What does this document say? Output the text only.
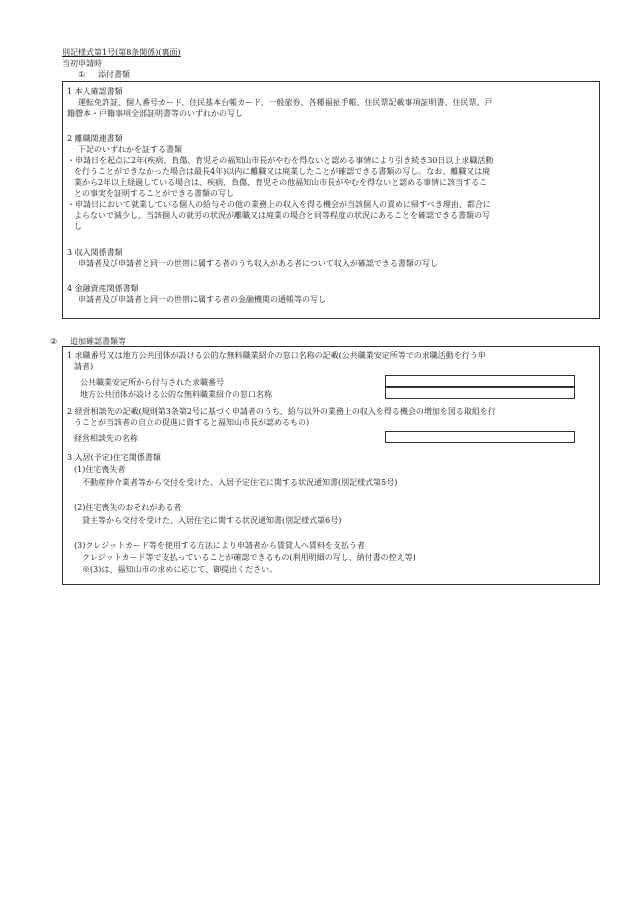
別記様式第1号(第8条関係)(裏面)
当初申請時
① 添付書類
1 本人確認書類
運転免許証、個人番号カード、住民基本台帳カード、一般旅券、各種福祉手帳、住民票記載事項証明書、住民票、戸
籍謄本・戸籍事項全部証明書等のいずれかの写し
2 離職関連書類
下記のいずれかを証する書類
・申請日を起点に2年(疾病、負傷、育児その福知山市長がやむを得ないと認める事情により引き続き30日以上求職活動
を行うことができなかった場合は最長4年)以内に離職又は廃業したことが確認できる書類の写し。なお、離職又は廃
業から2年以上経過している場合は、疾病、負傷、育児その他福知山市長がやむを得ないと認める事情に該当するこ
との事実を証明することができる書類の写し
・申請日において就業している個人の給与その他の業務上の収入を得る機会が当該個人の責めに帰すべき理由、都合に
よらないで減少し、当該個人の就労の状況が離職又は廃業の場合と同等程度の状況にあることを確認できる書類の写
し
3 収入関係書類
申請者及び申請者と同一の世帯に属する者のうち収入がある者について収入が確認できる書類の写し
4 金融資産関係書類
申請者及び申請者と同一の世帯に属する者の金融機関の通帳等の写し
② 追加確認書類等
1 求職番号又は地方公共団体が設ける公的な無料職業紹介の窓口名称の記載(公共職業安定所等での求職活動を行う申
請者)
公共職業安定所から付与された求職番号
地方公共団体が設ける公的な無料職業紹介の窓口名称
2 経営相談先の記載(規則第3条第2号に基づく申請者のうち、給与以外の業務上の収入を得る機会の増加を図る取組を行
うことが当該者の自立の促進に資すると福知山市長が認めるもの)
経営相談先の名称
3 入居(予定)住宅関係書類
(1)住宅喪失者
不動産仲介業者等から交付を受けた、入居予定住宅に関する状況通知書(別記様式第5号)
(2)住宅喪失のおそれがある者
貸主等から交付を受けた、入居住宅に関する状況通知書(別記様式第6号)
(3)クレジットカード等を使用する方法により申請者から賃貸人へ賃料を支払う者
クレジットカード等で支払っていることが確認できるもの(利用明細の写し、納付書の控え等)
※(3)は、福知山市の求めに応じて、御提出ください。
